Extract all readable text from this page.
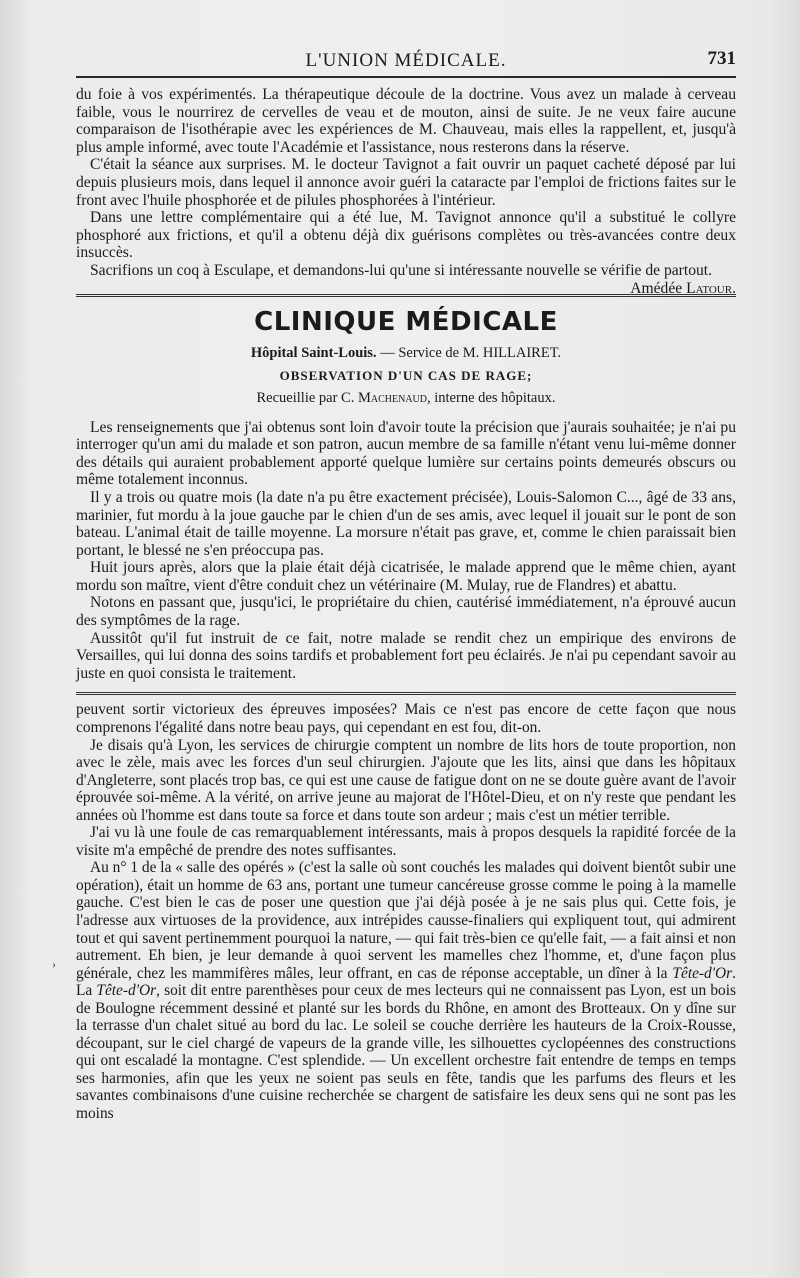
›
L'UNION MÉDICALE.	731

du foie à vos expérimentés. La thérapeutique découle de la doctrine. Vous avez un malade à cerveau faible, vous le nourrirez de cervelles de veau et de mouton, ainsi de suite. Je ne veux faire aucune comparaison de l'isothérapie avec les expériences de M. Chauveau, mais elles la rappellent, et, jusqu'à plus ample informé, avec toute l'Académie et l'assistance, nous resterons dans la réserve.

C'était la séance aux surprises. M. le docteur Tavignot a fait ouvrir un paquet cacheté déposé par lui depuis plusieurs mois, dans lequel il annonce avoir guéri la cataracte par l'emploi de frictions faites sur le front avec l'huile phosphorée et de pilules phosphorées à l'intérieur.

Dans une lettre complémentaire qui a été lue, M. Tavignot annonce qu'il a substitué le collyre phosphoré aux frictions, et qu'il a obtenu déjà dix guérisons complètes ou très-avancées contre deux insuccès.

Sacrifions un coq à Esculape, et demandons-lui qu'une si intéressante nouvelle se vérifie de partout.
Amédée Latour.

CLINIQUE MÉDICALE
Hôpital Saint-Louis. — Service de M. HILLAIRET.
OBSERVATION D'UN CAS DE RAGE;
Recueillie par C. Machenaud, interne des hôpitaux.

Les renseignements que j'ai obtenus sont loin d'avoir toute la précision que j'aurais souhaitée; je n'ai pu interroger qu'un ami du malade et son patron, aucun membre de sa famille n'étant venu lui-même donner des détails qui auraient probablement apporté quelque lumière sur certains points demeurés obscurs ou même totalement inconnus.

Il y a trois ou quatre mois (la date n'a pu être exactement précisée), Louis-Salomon C..., âgé de 33 ans, marinier, fut mordu à la joue gauche par le chien d'un de ses amis, avec lequel il jouait sur le pont de son bateau. L'animal était de taille moyenne. La morsure n'était pas grave, et, comme le chien paraissait bien portant, le blessé ne s'en préoccupa pas.

Huit jours après, alors que la plaie était déjà cicatrisée, le malade apprend que le même chien, ayant mordu son maître, vient d'être conduit chez un vétérinaire (M. Mulay, rue de Flandres) et abattu.

Notons en passant que, jusqu'ici, le propriétaire du chien, cautérisé immédiatement, n'a éprouvé aucun des symptômes de la rage.

Aussitôt qu'il fut instruit de ce fait, notre malade se rendit chez un empirique des environs de Versailles, qui lui donna des soins tardifs et probablement fort peu éclairés. Je n'ai pu cependant savoir au juste en quoi consista le traitement.

peuvent sortir victorieux des épreuves imposées? Mais ce n'est pas encore de cette façon que nous comprenons l'égalité dans notre beau pays, qui cependant en est fou, dit-on.

Je disais qu'à Lyon, les services de chirurgie comptent un nombre de lits hors de toute proportion, non avec le zèle, mais avec les forces d'un seul chirurgien. J'ajoute que les lits, ainsi que dans les hôpitaux d'Angleterre, sont placés trop bas, ce qui est une cause de fatigue dont on ne se doute guère avant de l'avoir éprouvée soi-même. A la vérité, on arrive jeune au majorat de l'Hôtel-Dieu, et on n'y reste que pendant les années où l'homme est dans toute sa force et dans toute son ardeur ; mais c'est un métier terrible.

J'ai vu là une foule de cas remarquablement intéressants, mais à propos desquels la rapidité forcée de la visite m'a empêché de prendre des notes suffisantes.

Au n° 1 de la « salle des opérés » (c'est la salle où sont couchés les malades qui doivent bientôt subir une opération), était un homme de 63 ans, portant une tumeur cancéreuse grosse comme le poing à la mamelle gauche. C'est bien le cas de poser une question que j'ai déjà posée à je ne sais plus qui. Cette fois, je l'adresse aux virtuoses de la providence, aux intrépides causse-finaliers qui expliquent tout, qui admirent tout et qui savent pertinemment pourquoi la nature, — qui fait très-bien ce qu'elle fait, — a fait ainsi et non autrement. Eh bien, je leur demande à quoi servent les mamelles chez l'homme, et, d'une façon plus générale, chez les mammifères mâles, leur offrant, en cas de réponse acceptable, un dîner à la Tête-d'Or. La Tête-d'Or, soit dit entre parenthèses pour ceux de mes lecteurs qui ne connaissent pas Lyon, est un bois de Boulogne récemment dessiné et planté sur les bords du Rhône, en amont des Brotteaux. On y dîne sur la terrasse d'un chalet situé au bord du lac. Le soleil se couche derrière les hauteurs de la Croix-Rousse, découpant, sur le ciel chargé de vapeurs de la grande ville, les silhouettes cyclopéennes des constructions qui ont escaladé la montagne. C'est splendide. — Un excellent orchestre fait entendre de temps en temps ses harmonies, afin que les yeux ne soient pas seuls en fête, tandis que les parfums des fleurs et les savantes combinaisons d'une cuisine recherchée se chargent de satisfaire les deux sens qui ne sont pas les moins
